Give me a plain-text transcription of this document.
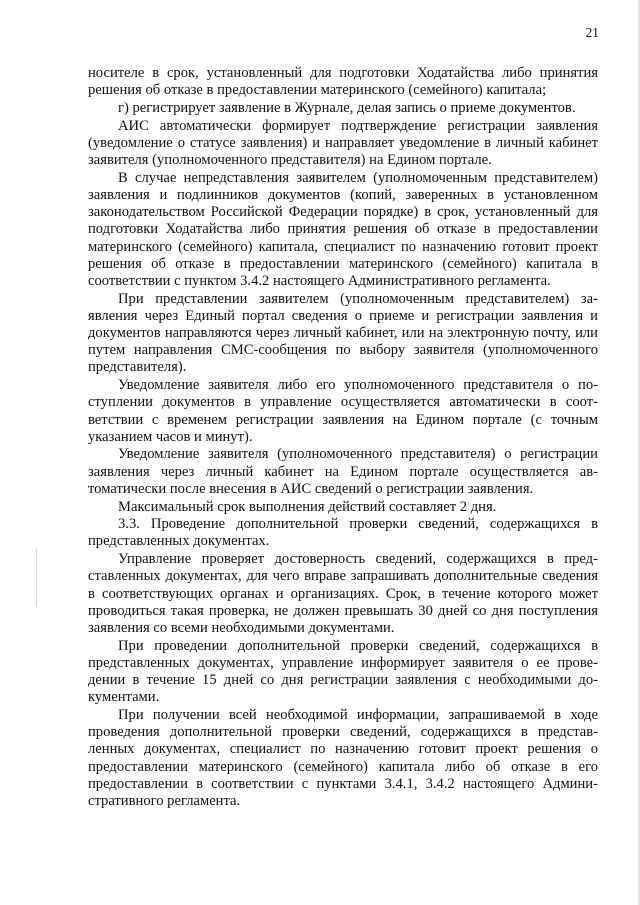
21

носителе в срок, установленный для подготовки Ходатайства либо принятия решения об отказе в предоставлении материнского (семейного) капитала;

г) регистрирует заявление в Журнале, делая запись о приеме документов.

АИС автоматически формирует подтверждение регистрации заявления (уведомление о статусе заявления) и направляет уведомление в личный кабинет заявителя (уполномоченного представителя) на Едином портале.

В случае непредставления заявителем (уполномоченным представителем) заявления и подлинников документов (копий, заверенных в установленном законодательством Российской Федерации порядке) в срок, установленный для подготовки Ходатайства либо принятия решения об отказе в предоставлении материнского (семейного) капитала, специалист по назначению готовит проект решения об отказе в предоставлении материнского (семейного) капитала в соответствии с пунктом 3.4.2 настоящего Административного регламента.

При представлении заявителем (уполномоченным представителем) заявления через Единый портал сведения о приеме и регистрации заявления и документов направляются через личный кабинет, или на электронную почту, или путем направления СМС-сообщения по выбору заявителя (уполномоченного представителя).

Уведомление заявителя либо его уполномоченного представителя о поступлении документов в управление осуществляется автоматически в соответствии с временем регистрации заявления на Едином портале (с точным указанием часов и минут).

Уведомление заявителя (уполномоченного представителя) о регистрации заявления через личный кабинет на Едином портале осуществляется автоматически после внесения в АИС сведений о регистрации заявления.

Максимальный срок выполнения действий составляет 2 дня.

3.3. Проведение дополнительной проверки сведений, содержащихся в представленных документах.

Управление проверяет достоверность сведений, содержащихся в представленных документах, для чего вправе запрашивать дополнительные сведения в соответствующих органах и организациях. Срок, в течение которого может проводиться такая проверка, не должен превышать 30 дней со дня поступления заявления со всеми необходимыми документами.

При проведении дополнительной проверки сведений, содержащихся в представленных документах, управление информирует заявителя о ее проведении в течение 15 дней со дня регистрации заявления с необходимыми документами.

При получении всей необходимой информации, запрашиваемой в ходе проведения дополнительной проверки сведений, содержащихся в представленных документах, специалист по назначению готовит проект решения о предоставлении материнского (семейного) капитала либо об отказе в его предоставлении в соответствии с пунктами 3.4.1, 3.4.2 настоящего Административного регламента.
